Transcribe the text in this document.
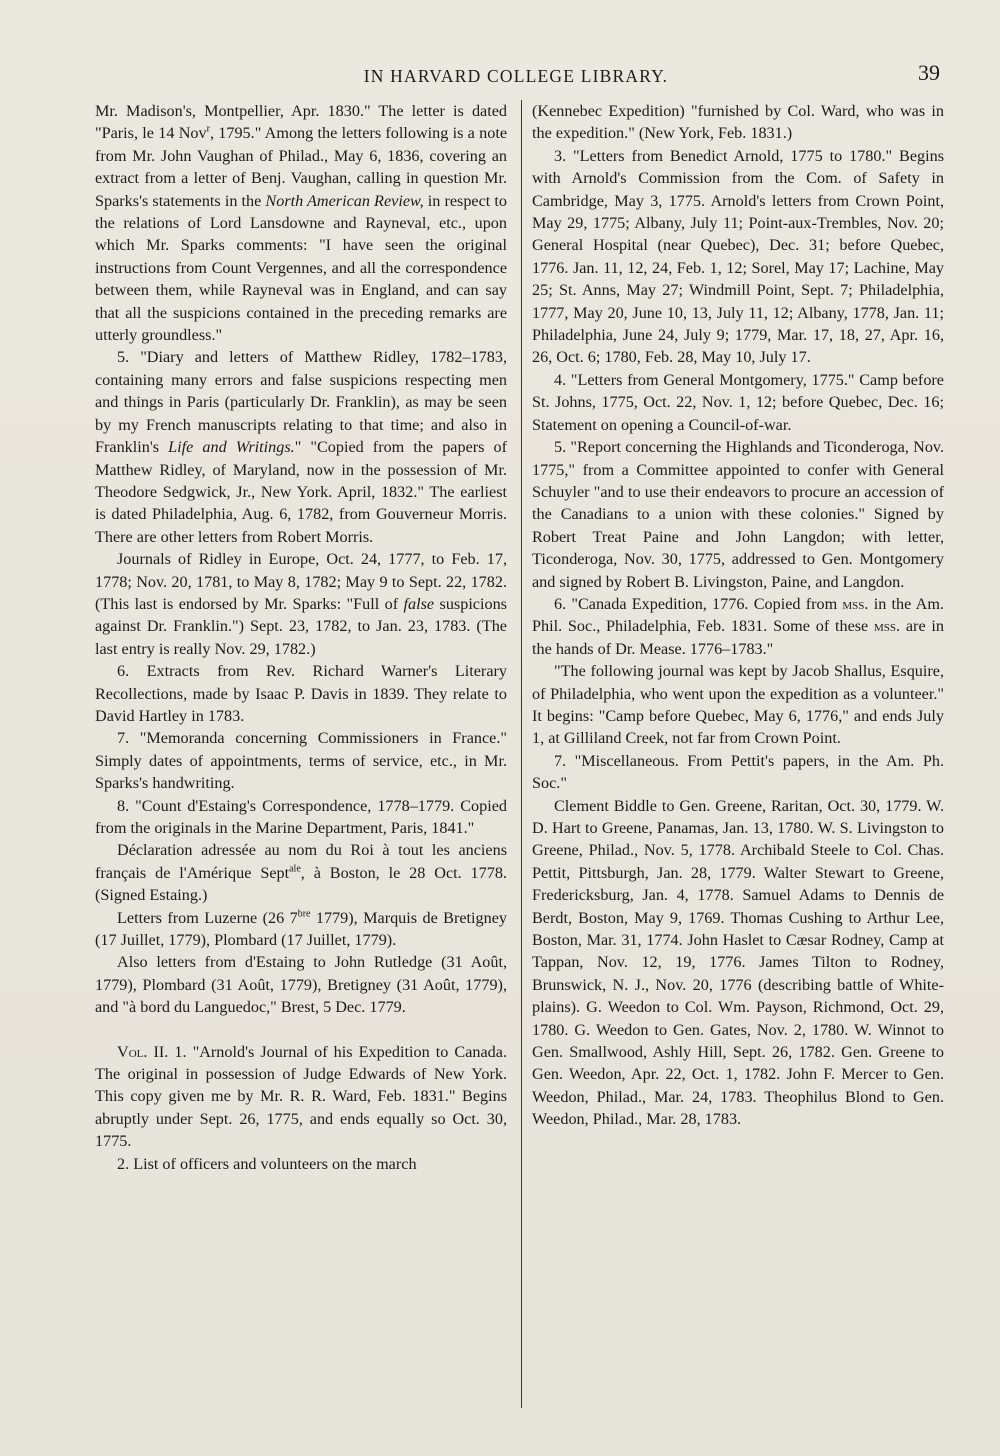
IN HARVARD COLLEGE LIBRARY.	39

Mr. Madison's, Montpellier, Apr. 1830." The letter is dated "Paris, le 14 Nov$^r$, 1795." Among the letters following is a note from Mr. John Vaughan of Philad., May 6, 1836, covering an extract from a letter of Benj. Vaughan, calling in question Mr. Sparks's statements in the North American Review, in respect to the relations of Lord Lansdowne and Rayneval, etc., upon which Mr. Sparks comments: "I have seen the original instructions from Count Vergennes, and all the correspondence between them, while Rayneval was in England, and can say that all the suspicions contained in the preceding remarks are utterly groundless."

5. "Diary and letters of Matthew Ridley, 1782–1783, containing many errors and false suspicions respecting men and things in Paris (particularly Dr. Franklin), as may be seen by my French manuscripts relating to that time; and also in Franklin's Life and Writings." "Copied from the papers of Matthew Ridley, of Maryland, now in the possession of Mr. Theodore Sedgwick, Jr., New York. April, 1832." The earliest is dated Philadelphia, Aug. 6, 1782, from Gouverneur Morris. There are other letters from Robert Morris.

Journals of Ridley in Europe, Oct. 24, 1777, to Feb. 17, 1778; Nov. 20, 1781, to May 8, 1782; May 9 to Sept. 22, 1782. (This last is endorsed by Mr. Sparks: "Full of false suspicions against Dr. Franklin.") Sept. 23, 1782, to Jan. 23, 1783. (The last entry is really Nov. 29, 1782.)

6. Extracts from Rev. Richard Warner's Literary Recollections, made by Isaac P. Davis in 1839. They relate to David Hartley in 1783.

7. "Memoranda concerning Commissioners in France." Simply dates of appointments, terms of service, etc., in Mr. Sparks's handwriting.

8. "Count d'Estaing's Correspondence, 1778–1779. Copied from the originals in the Marine Department, Paris, 1841."

Déclaration adressée au nom du Roi à tout les anciens français de l'Amérique Sept$^{ale}$, à Boston, le 28 Oct. 1778. (Signed Estaing.)

Letters from Luzerne (26 $7^{bre}$ 1779), Marquis de Bretigney (17 Juillet, 1779), Plombard (17 Juillet, 1779).

Also letters from d'Estaing to John Rutledge (31 Août, 1779), Plombard (31 Août, 1779), Bretigney (31 Août, 1779), and "à bord du Languedoc," Brest, 5 Dec. 1779.

Vol. II. 1. "Arnold's Journal of his Expedition to Canada. The original in possession of Judge Edwards of New York. This copy given me by Mr. R. R. Ward, Feb. 1831." Begins abruptly under Sept. 26, 1775, and ends equally so Oct. 30, 1775.

2. List of officers and volunteers on the march

(Kennebec Expedition) "furnished by Col. Ward, who was in the expedition." (New York, Feb. 1831.)

3. "Letters from Benedict Arnold, 1775 to 1780." Begins with Arnold's Commission from the Com. of Safety in Cambridge, May 3, 1775. Arnold's letters from Crown Point, May 29, 1775; Albany, July 11; Point-aux-Trembles, Nov. 20; General Hospital (near Quebec), Dec. 31; before Quebec, 1776. Jan. 11, 12, 24, Feb. 1, 12; Sorel, May 17; Lachine, May 25; St. Anns, May 27; Windmill Point, Sept. 7; Philadelphia, 1777, May 20, June 10, 13, July 11, 12; Albany, 1778, Jan. 11; Philadelphia, June 24, July 9; 1779, Mar. 17, 18, 27, Apr. 16, 26, Oct. 6; 1780, Feb. 28, May 10, July 17.

4. "Letters from General Montgomery, 1775." Camp before St. Johns, 1775, Oct. 22, Nov. 1, 12; before Quebec, Dec. 16; Statement on opening a Council-of-war.

5. "Report concerning the Highlands and Ticonderoga, Nov. 1775," from a Committee appointed to confer with General Schuyler "and to use their endeavors to procure an accession of the Canadians to a union with these colonies." Signed by Robert Treat Paine and John Langdon; with letter, Ticonderoga, Nov. 30, 1775, addressed to Gen. Montgomery and signed by Robert B. Livingston, Paine, and Langdon.

6. "Canada Expedition, 1776. Copied from mss. in the Am. Phil. Soc., Philadelphia, Feb. 1831. Some of these mss. are in the hands of Dr. Mease. 1776–1783."

"The following journal was kept by Jacob Shallus, Esquire, of Philadelphia, who went upon the expedition as a volunteer." It begins: "Camp before Quebec, May 6, 1776," and ends July 1, at Gilliland Creek, not far from Crown Point.

7. "Miscellaneous. From Pettit's papers, in the Am. Ph. Soc."

Clement Biddle to Gen. Greene, Raritan, Oct. 30, 1779. W. D. Hart to Greene, Panamas, Jan. 13, 1780. W. S. Livingston to Greene, Philad., Nov. 5, 1778. Archibald Steele to Col. Chas. Pettit, Pittsburgh, Jan. 28, 1779. Walter Stewart to Greene, Fredericksburg, Jan. 4, 1778. Samuel Adams to Dennis de Berdt, Boston, May 9, 1769. Thomas Cushing to Arthur Lee, Boston, Mar. 31, 1774. John Haslet to Cæsar Rodney, Camp at Tappan, Nov. 12, 19, 1776. James Tilton to Rodney, Brunswick, N. J., Nov. 20, 1776 (describing battle of White-plains). G. Weedon to Col. Wm. Payson, Richmond, Oct. 29, 1780. G. Weedon to Gen. Gates, Nov. 2, 1780. W. Winnot to Gen. Smallwood, Ashly Hill, Sept. 26, 1782. Gen. Greene to Gen. Weedon, Apr. 22, Oct. 1, 1782. John F. Mercer to Gen. Weedon, Philad., Mar. 24, 1783. Theophilus Blond to Gen. Weedon, Philad., Mar. 28, 1783.
